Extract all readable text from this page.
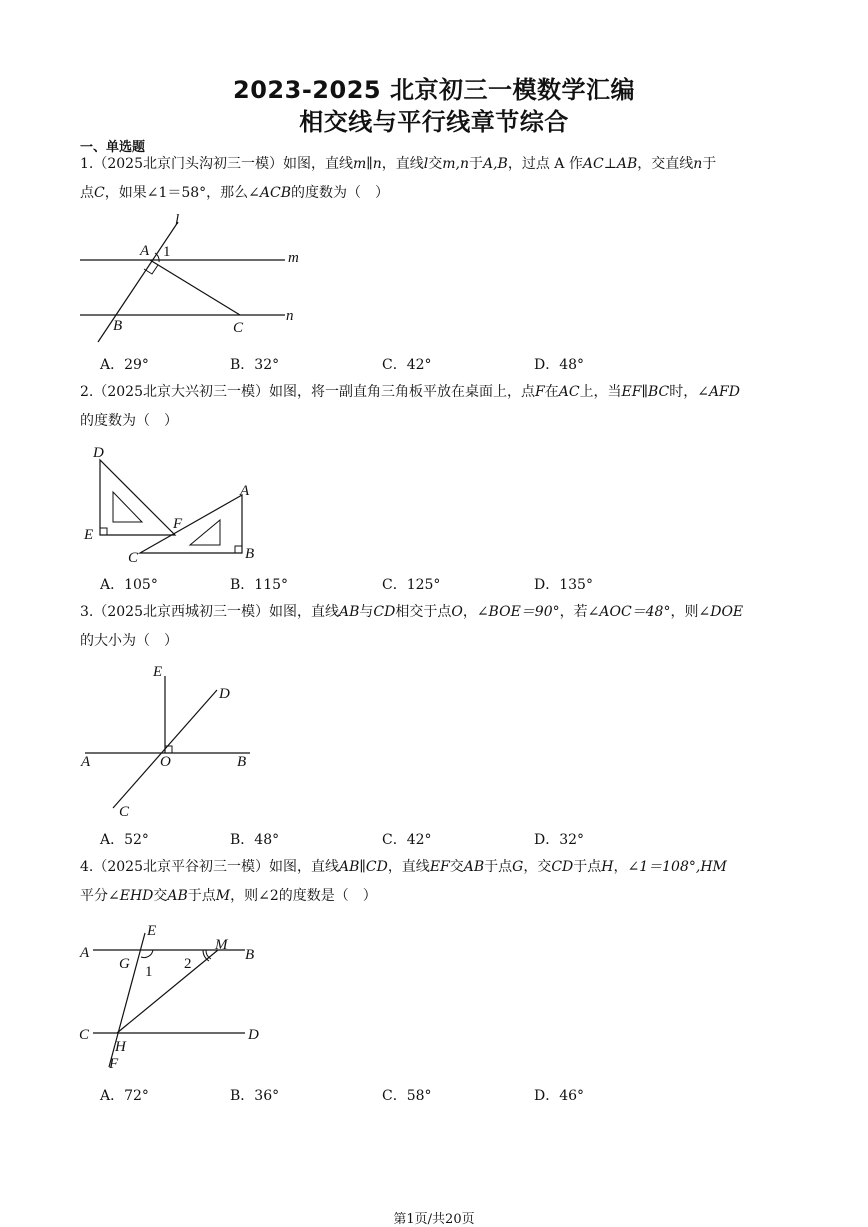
2023-2025 北京初三一模数学汇编
相交线与平行线章节综合
一、单选题
1.（2025北京门头沟初三一模）如图，直线m∥n，直线l交m,n于A,B，过点 A 作AC⊥AB，交直线n于
点C，如果∠1＝58°，那么∠ACB的度数为（　）
l
m
n
A 1
B	C
A．29°	B．32°	C．42°	D．48°
2.（2025北京大兴初三一模）如图，将一副直角三角板平放在桌面上，点F在AC上，当EF∥BC时，∠AFD
的度数为（　）
D
A
E
F
C	B
A．105°	B．115°	C．125°	D．135°
3.（2025北京西城初三一模）如图，直线AB与CD相交于点O，∠BOE＝90°，若∠AOC＝48°，则∠DOE
的大小为（　）
E
D
A	O	B
C
A．52°	B．48°	C．42°	D．32°
4.（2025北京平谷初三一模）如图，直线AB∥CD，直线EF交AB于点G，交CD于点H，∠1＝108°,HM
平分∠EHD交AB于点M，则∠2的度数是（　）
A
E
M
B
G 1 2
C
H
D
F
A．72°	B．36°	C．58°	D．46°
第1页/共20页
